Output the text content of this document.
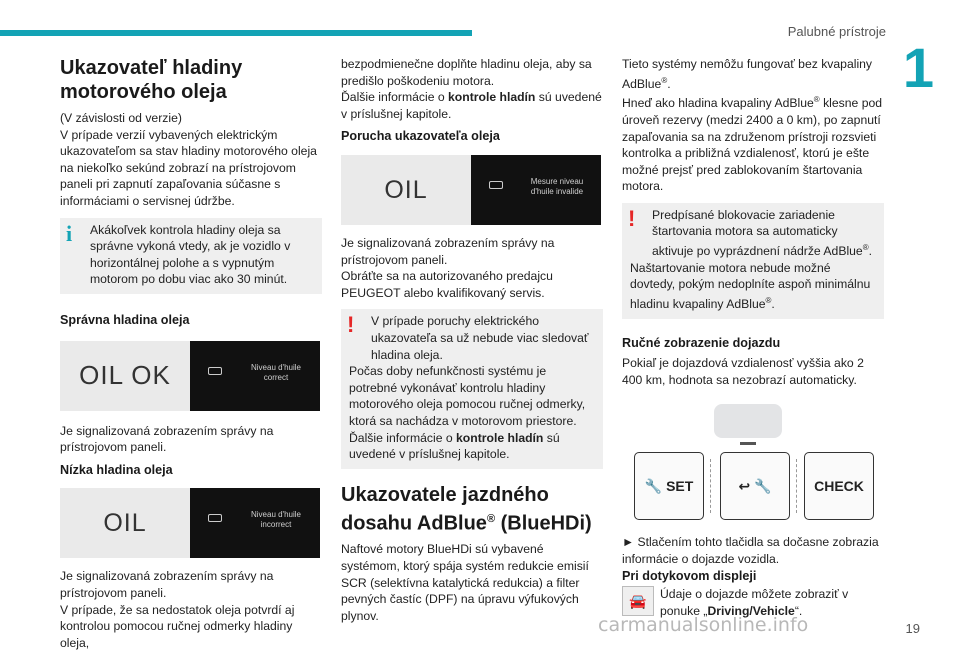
Palubné prístroje
1
Ukazovateľ hladiny motorového oleja

(V závislosti od verzie)

V prípade verzií vybavených elektrickým ukazovateľom sa stav hladiny motorového oleja na niekoľko sekúnd zobrazí na prístrojovom paneli pri zapnutí zapaľovania súčasne s informáciami o servisnej údržbe.

i	Akákoľvek kontrola hladiny oleja sa správne vykoná vtedy, ak je vozidlo v horizontálnej polohe a s vypnutým motorom po dobu viac ako 30 minút.

Správna hladina oleja
OIL OK	Niveau d'huile correct

Je signalizovaná zobrazením správy na prístrojovom paneli.

Nízka hladina oleja
OIL	Niveau d'huile incorrect

Je signalizovaná zobrazením správy na prístrojovom paneli.
V prípade, že sa nedostatok oleja potvrdí aj kontrolou pomocou ručnej odmerky hladiny oleja,

bezpodmienečne doplňte hladinu oleja, aby sa predišlo poškodeniu motora.

Ďalšie informácie o kontrole hladín sú uvedené v príslušnej kapitole.

Porucha ukazovateľa oleja
OIL	Mesure niveau d'huile invalide

Je signalizovaná zobrazením správy na prístrojovom paneli.
Obráťte sa na autorizovaného predajcu PEUGEOT alebo kvalifikovaný servis.

!	V prípade poruchy elektrického ukazovateľa sa už nebude viac sledovať hladina oleja.

Počas doby nefunkčnosti systému je potrebné vykonávať kontrolu hladiny motorového oleja pomocou ručnej odmerky, ktorá sa nachádza v motorovom priestore.

Ďalšie informácie o kontrole hladín sú uvedené v príslušnej kapitole.

Ukazovatele jazdného dosahu AdBlue® (BlueHDi)

Naftové motory BlueHDi sú vybavené systémom, ktorý spája systém redukcie emisií SCR (selektívna katalytická redukcia) a filter pevných častíc (DPF) na úpravu výfukových plynov.

Tieto systémy nemôžu fungovať bez kvapaliny AdBlue®.

Hneď ako hladina kvapaliny AdBlue® klesne pod úroveň rezervy (medzi 2400 a 0 km), po zapnutí zapaľovania sa na združenom prístroji rozsvieti kontrolka a približná vzdialenosť, ktorú je ešte možné prejsť pred zablokovaním štartovania motora.

!	Predpísané blokovacie zariadenie štartovania motora sa automaticky aktivuje po vyprázdnení nádrže AdBlue®.

Naštartovanie motora nebude možné dovtedy, pokým nedoplníte aspoň minimálnu hladinu kvapaliny AdBlue®.

Ručné zobrazenie dojazdu

Pokiaľ je dojazdová vzdialenosť vyššia ako 2 400 km, hodnota sa nezobrazí automaticky.

🔧 SET	↩ 🔧	CHECK

► Stlačením tohto tlačidla sa dočasne zobrazia informácie o dojazde vozidla.

Pri dotykovom displeji
🚘	Údaje o dojazde môžete zobraziť v ponuke „Driving/Vehicle“.

carmanualsonline.info	19
